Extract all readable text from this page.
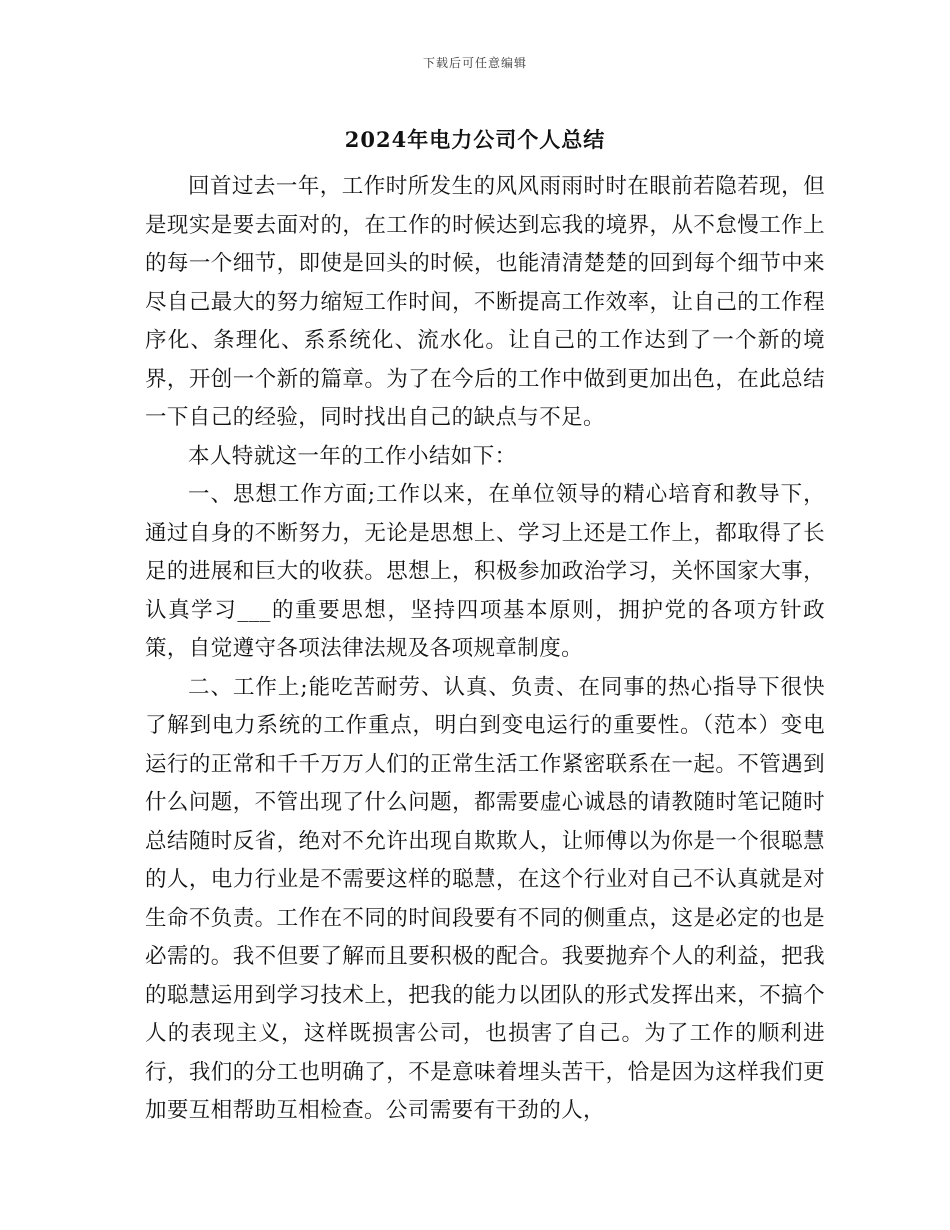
下载后可任意编辑
2024年电力公司个人总结

回首过去一年，工作时所发生的风风雨雨时时在眼前若隐若现，但是现实是要去面对的，在工作的时候达到忘我的境界，从不怠慢工作上的每一个细节，即使是回头的时候，也能清清楚楚的回到每个细节中来尽自己最大的努力缩短工作时间，不断提高工作效率，让自己的工作程序化、条理化、系系统化、流水化。让自己的工作达到了一个新的境界，开创一个新的篇章。为了在今后的工作中做到更加出色，在此总结一下自己的经验，同时找出自己的缺点与不足。

本人特就这一年的工作小结如下：

一、思想工作方面;工作以来，在单位领导的精心培育和教导下，通过自身的不断努力，无论是思想上、学习上还是工作上，都取得了长足的进展和巨大的收获。思想上，积极参加政治学习，关怀国家大事，认真学习___的重要思想，坚持四项基本原则，拥护党的各项方针政策，自觉遵守各项法律法规及各项规章制度。

二、工作上;能吃苦耐劳、认真、负责、在同事的热心指导下很快了解到电力系统的工作重点，明白到变电运行的重要性。（范本）变电运行的正常和千千万万人们的正常生活工作紧密联系在一起。不管遇到什么问题，不管出现了什么问题，都需要虚心诚恳的请教随时笔记随时总结随时反省，绝对不允许出现自欺欺人，让师傅以为你是一个很聪慧的人，电力行业是不需要这样的聪慧，在这个行业对自己不认真就是对生命不负责。工作在不同的时间段要有不同的侧重点，这是必定的也是必需的。我不但要了解而且要积极的配合。我要抛弃个人的利益，把我的聪慧运用到学习技术上，把我的能力以团队的形式发挥出来，不搞个人的表现主义，这样既损害公司，也损害了自己。为了工作的顺利进行，我们的分工也明确了，不是意味着埋头苦干，恰是因为这样我们更加要互相帮助互相检查。公司需要有干劲的人，
